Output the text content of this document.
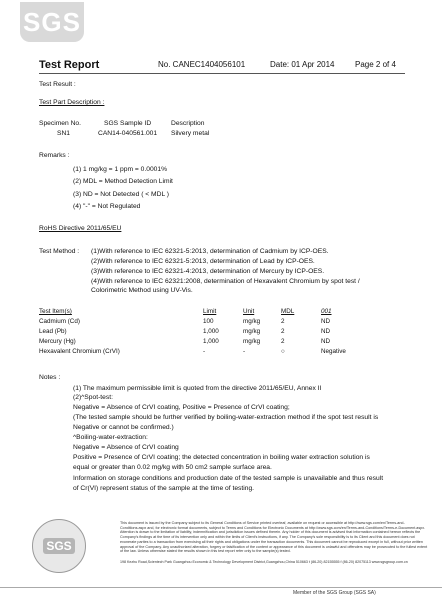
SGS
Test Report	No. CANEC1404056101	Date: 01 Apr 2014	Page 2 of 4
Test Result :
Test Part Description :
Specimen No.	SGS Sample ID	Description
SN1	CAN14-040561.001 Silvery metal
Remarks :
(1) 1 mg/kg = 1 ppm = 0.0001%
(2) MDL = Method Detection Limit
(3) ND = Not Detected ( < MDL )
(4) "-" = Not Regulated
RoHS Directive 2011/65/EU
Test Method : (1)With reference to IEC 62321-5:2013, determination of Cadmium by ICP-OES.
(2)With reference to IEC 62321-5:2013, determination of Lead by ICP-OES.
(3)With reference to IEC 62321-4:2013, determination of Mercury by ICP-OES.
(4)With reference to IEC 62321:2008, determination of Hexavalent Chromium by spot test /
Colorimetric Method using UV-Vis.
Test Item(s)	Limit	Unit	MDL	001
Cadmium (Cd)	100	mg/kg	2	ND
Lead (Pb)	1,000	mg/kg	2	ND
Mercury (Hg)	1,000	mg/kg	2	ND
Hexavalent Chromium (CrVI)	-	-	○	Negative
Notes :
(1) The maximum permissible limit is quoted from the directive 2011/65/EU, Annex II
(2)^Spot-test:
Negative = Absence of CrVI coating, Positive = Presence of CrVI coating;
(The tested sample should be further verified by boiling-water-extraction method if the spot test result is
Negative or cannot be confirmed.)
^Boiling-water-extraction:
Negative = Absence of CrVI coating
Positive = Presence of CrVI coating; the detected concentration in boiling water extraction solution is
equal or greater than 0.02 mg/kg with 50 cm2 sample surface area.
Information on storage conditions and production date of the tested sample is unavailable and thus result
of Cr(VI) represent status of the sample at the time of testing.
SGS
This document is issued by the Company subject to its General Conditions of Service printed overleaf, available on request or accessible at http://www.sgs.com/en/Terms-and-Conditions.aspx and, for electronic format documents, subject to Terms and Conditions for Electronic Documents at http://www.sgs.com/en/Terms-and-Conditions/Terms-e-Document.aspx. Attention is drawn to the limitation of liability, indemnification and jurisdiction issues defined therein. Any holder of this document is advised that information contained hereon reflects the Company's findings at the time of its intervention only and within the limits of Client's instructions, if any. The Company's sole responsibility is to its Client and this document does not exonerate parties to a transaction from exercising all their rights and obligations under the transaction documents. This document cannot be reproduced except in full, without prior written approval of the Company. Any unauthorized alteration, forgery or falsification of the content or appearance of this document is unlawful and offenders may be prosecuted to the fullest extent of the law. Unless otherwise stated the results shown in this test report refer only to the sample(s) tested.
198 Kezhu Road,Scientech Park Guangzhou Economic & Technology Development District,Guangzhou,China 510663 t (86-20) 82155555 f (86-20) 82075113 www.sgsgroup.com.cn
Member of the SGS Group (SGS SA)
